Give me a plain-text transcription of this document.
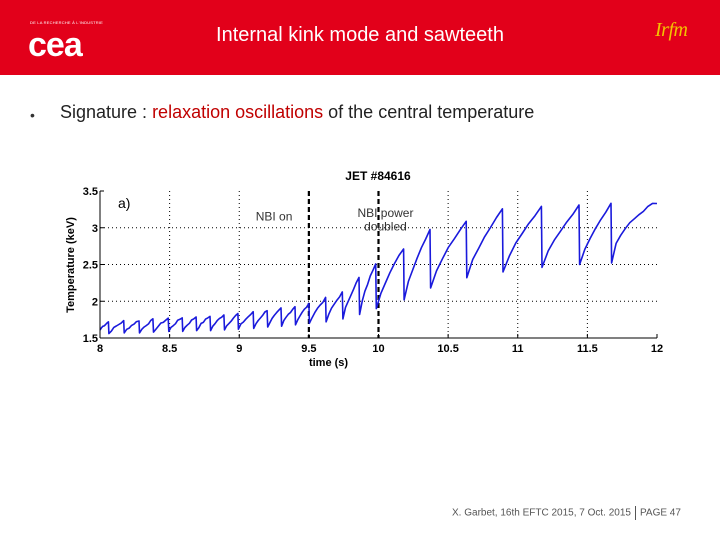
DE LA RECHERCHE À L'INDUSTRIE
cea	Internal kink mode and sawteeth	Irfm
• Signature : relaxation oscillations of the central temperature
8	8.5	9	9.5	10	10.5	11	11.5	12
1.5
2
2.5
3
3.5
time (s)
Temperature (keV)
JET #84616
a)
NBI on	NBI power
doubled
X. Garbet, 16th EFTC 2015, 7 Oct. 2015 PAGE 47
